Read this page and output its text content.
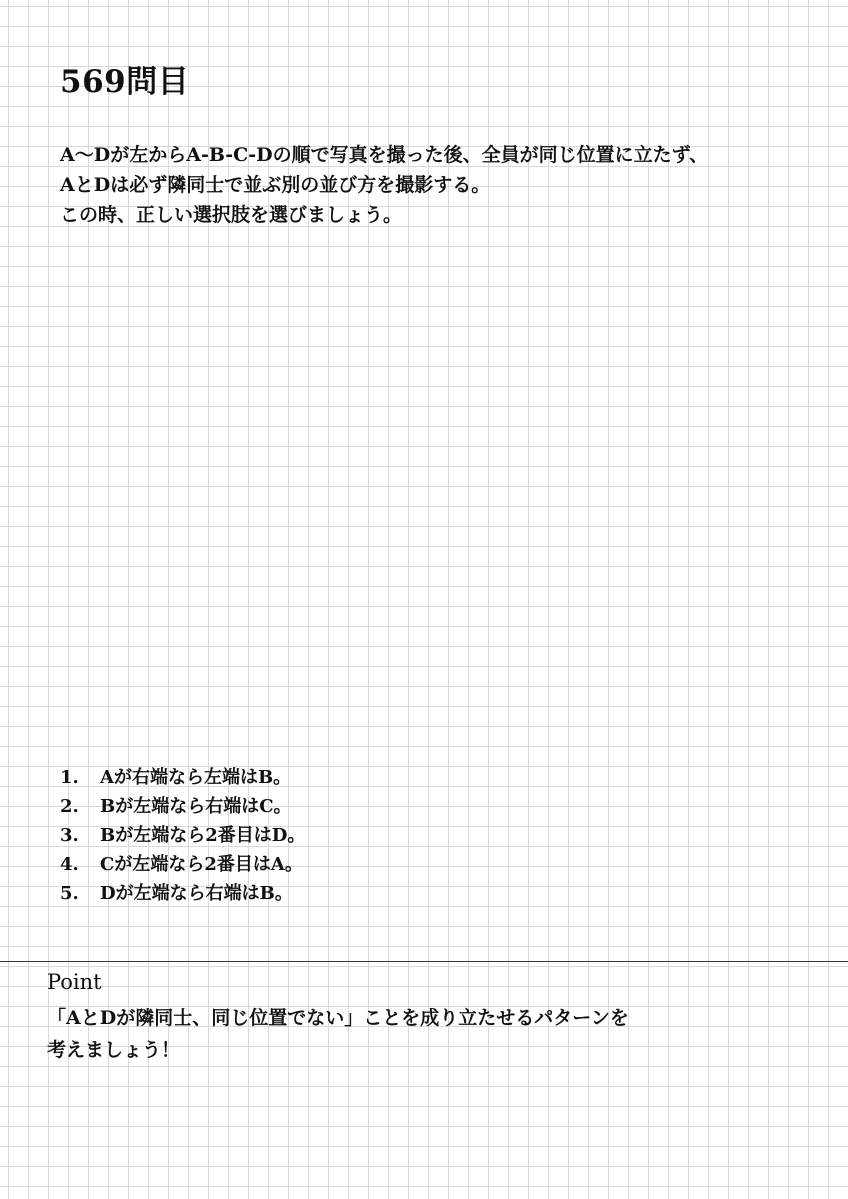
569問目
A〜Dが左からA-B-C-Dの順で写真を撮った後、全員が同じ位置に立たず、
AとDは必ず隣同士で並ぶ別の並び方を撮影する。
この時、正しい選択肢を選びましょう。
1. Aが右端なら左端はB。
2. Bが左端なら右端はC。
3. Bが左端なら2番目はD。
4. Cが左端なら2番目はA。
5. Dが左端なら右端はB。
Point
「AとDが隣同士、同じ位置でない」ことを成り立たせるパターンを
考えましょう！
